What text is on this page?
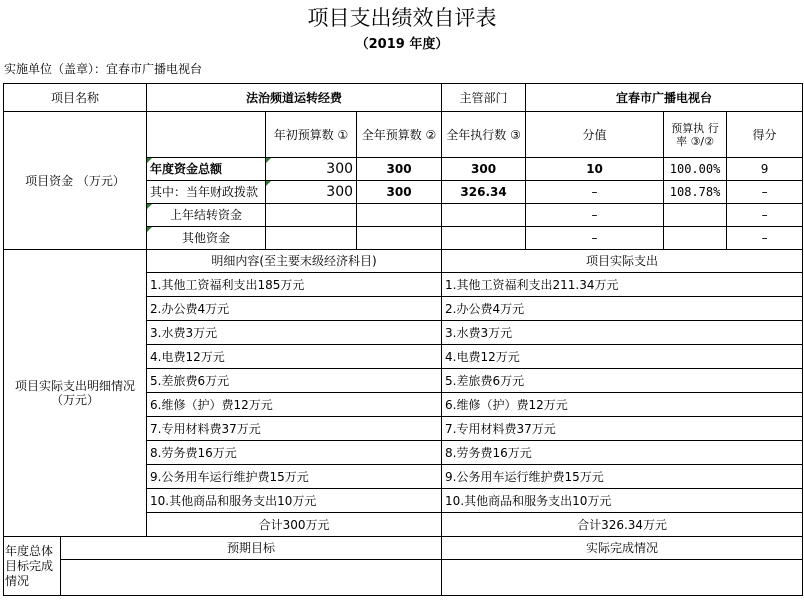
项目支出绩效自评表
（2019 年度）
实施单位（盖章）：宜春市广播电视台
项目名称		法治频道运转经费			主管部门	宜春市广播电视台		
项目资金 （万元）			年初预算数 ①	全年预算数 ②	全年执行数 ③	分值	预算执 行率 ③/②	得分
		年度资金总额	300	300	300	10	100.00%	9
		其中：当年财政拨款	300	300	326.34	–	108.78%	–
		上年结转资金				–		–
		其他资金				–		–
项目实际支出明细情况 （万元）		明细内容(至主要末级经济科目)			项目实际支出			
		1.其他工资福利支出185万元			1.其他工资福利支出211.34万元			
		2.办公费4万元			2.办公费4万元			
		3.水费3万元			3.水费3万元			
		4.电费12万元			4.电费12万元			
		5.差旅费6万元			5.差旅费6万元			
		6.维修（护）费12万元			6.维修（护）费12万元			
		7.专用材料费37万元			7.专用材料费37万元			
		8.劳务费16万元			8.劳务费16万元			
		9.公务用车运行维护费15万元			9.公务用车运行维护费15万元			
		10.其他商品和服务支出10万元			10.其他商品和服务支出10万元			
		合计300万元			合计326.34万元			
年度总体 目标完成 情况	预期目标				实际完成情况			
